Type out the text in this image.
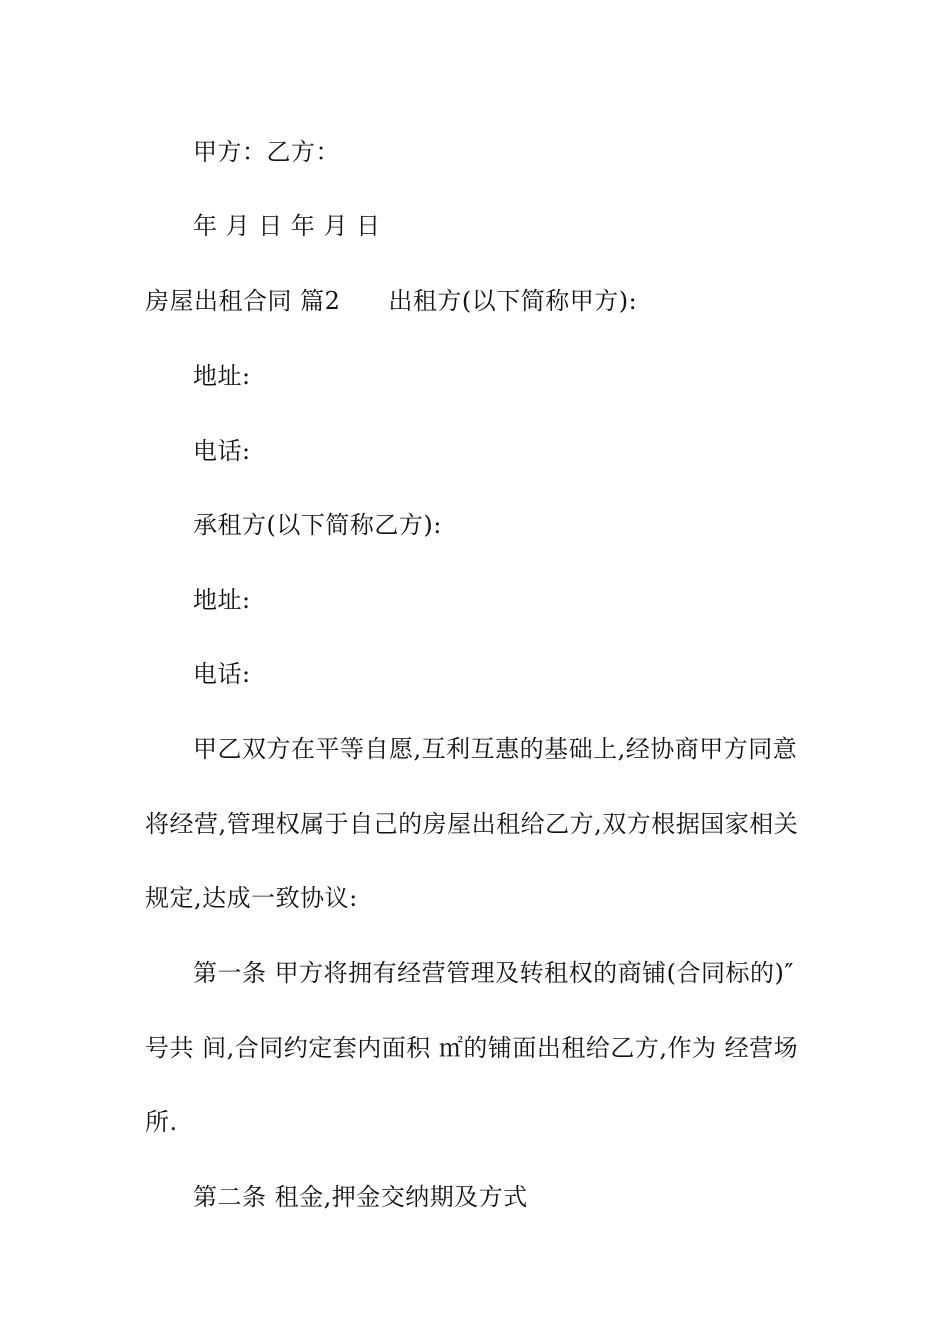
甲方：乙方：
年 月 日 年 月 日
房屋出租合同 篇2 出租方(以下简称甲方):
地址:
电话:
承租方(以下简称乙方):
地址:
电话:
甲乙双方在平等自愿,互利互惠的基础上,经协商甲方同意
将经营,管理权属于自己的房屋出租给乙方,双方根据国家相关
规定,达成一致协议:
第一条 甲方将拥有经营管理及转租权的商铺(合同标的)″
号共 间,合同约定套内面积 ㎡的铺面出租给乙方,作为 经营场
所.
第二条 租金,押金交纳期及方式
